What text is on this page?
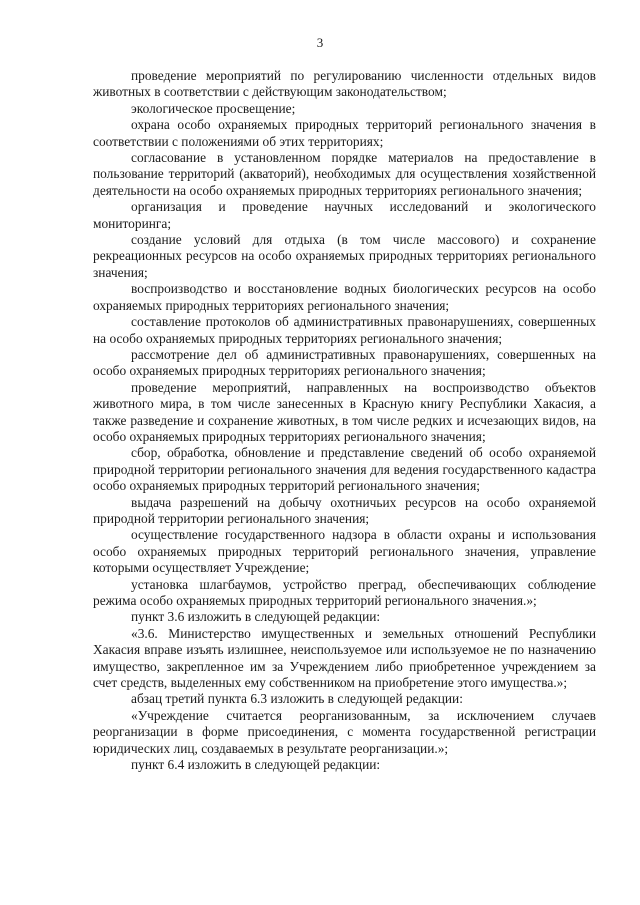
3

проведение мероприятий по регулированию численности отдельных видов животных в соответствии с действующим законодательством;

экологическое просвещение;

охрана особо охраняемых природных территорий регионального значения в соответствии с положениями об этих территориях;

согласование в установленном порядке материалов на предоставление в пользование территорий (акваторий), необходимых для осуществления хозяйственной деятельности на особо охраняемых природных территориях регионального значения;

организация и проведение научных исследований и экологического мониторинга;

создание условий для отдыха (в том числе массового) и сохранение рекреационных ресурсов на особо охраняемых природных территориях регионального значения;

воспроизводство и восстановление водных биологических ресурсов на особо охраняемых природных территориях регионального значения;

составление протоколов об административных правонарушениях, совершенных на особо охраняемых природных территориях регионального значения;

рассмотрение дел об административных правонарушениях, совершенных на особо охраняемых природных территориях регионального значения;

проведение мероприятий, направленных на воспроизводство объектов животного мира, в том числе занесенных в Красную книгу Республики Хакасия, а также разведение и сохранение животных, в том числе редких и исчезающих видов, на особо охраняемых природных территориях регионального значения;

сбор, обработка, обновление и представление сведений об особо охраняемой природной территории регионального значения для ведения государственного кадастра особо охраняемых природных территорий регионального значения;

выдача разрешений на добычу охотничьих ресурсов на особо охраняемой природной территории регионального значения;

осуществление государственного надзора в области охраны и использования особо охраняемых природных территорий регионального значения, управление которыми осуществляет Учреждение;

установка шлагбаумов, устройство преград, обеспечивающих соблюдение режима особо охраняемых природных территорий регионального значения.»;

пункт 3.6 изложить в следующей редакции:

«3.6. Министерство имущественных и земельных отношений Республики Хакасия вправе изъять излишнее, неиспользуемое или используемое не по назначению имущество, закрепленное им за Учреждением либо приобретенное учреждением за счет средств, выделенных ему собственником на приобретение этого имущества.»;

абзац третий пункта 6.3 изложить в следующей редакции:

«Учреждение считается реорганизованным, за исключением случаев реорганизации в форме присоединения, с момента государственной регистрации юридических лиц, создаваемых в результате реорганизации.»;

пункт 6.4 изложить в следующей редакции:
